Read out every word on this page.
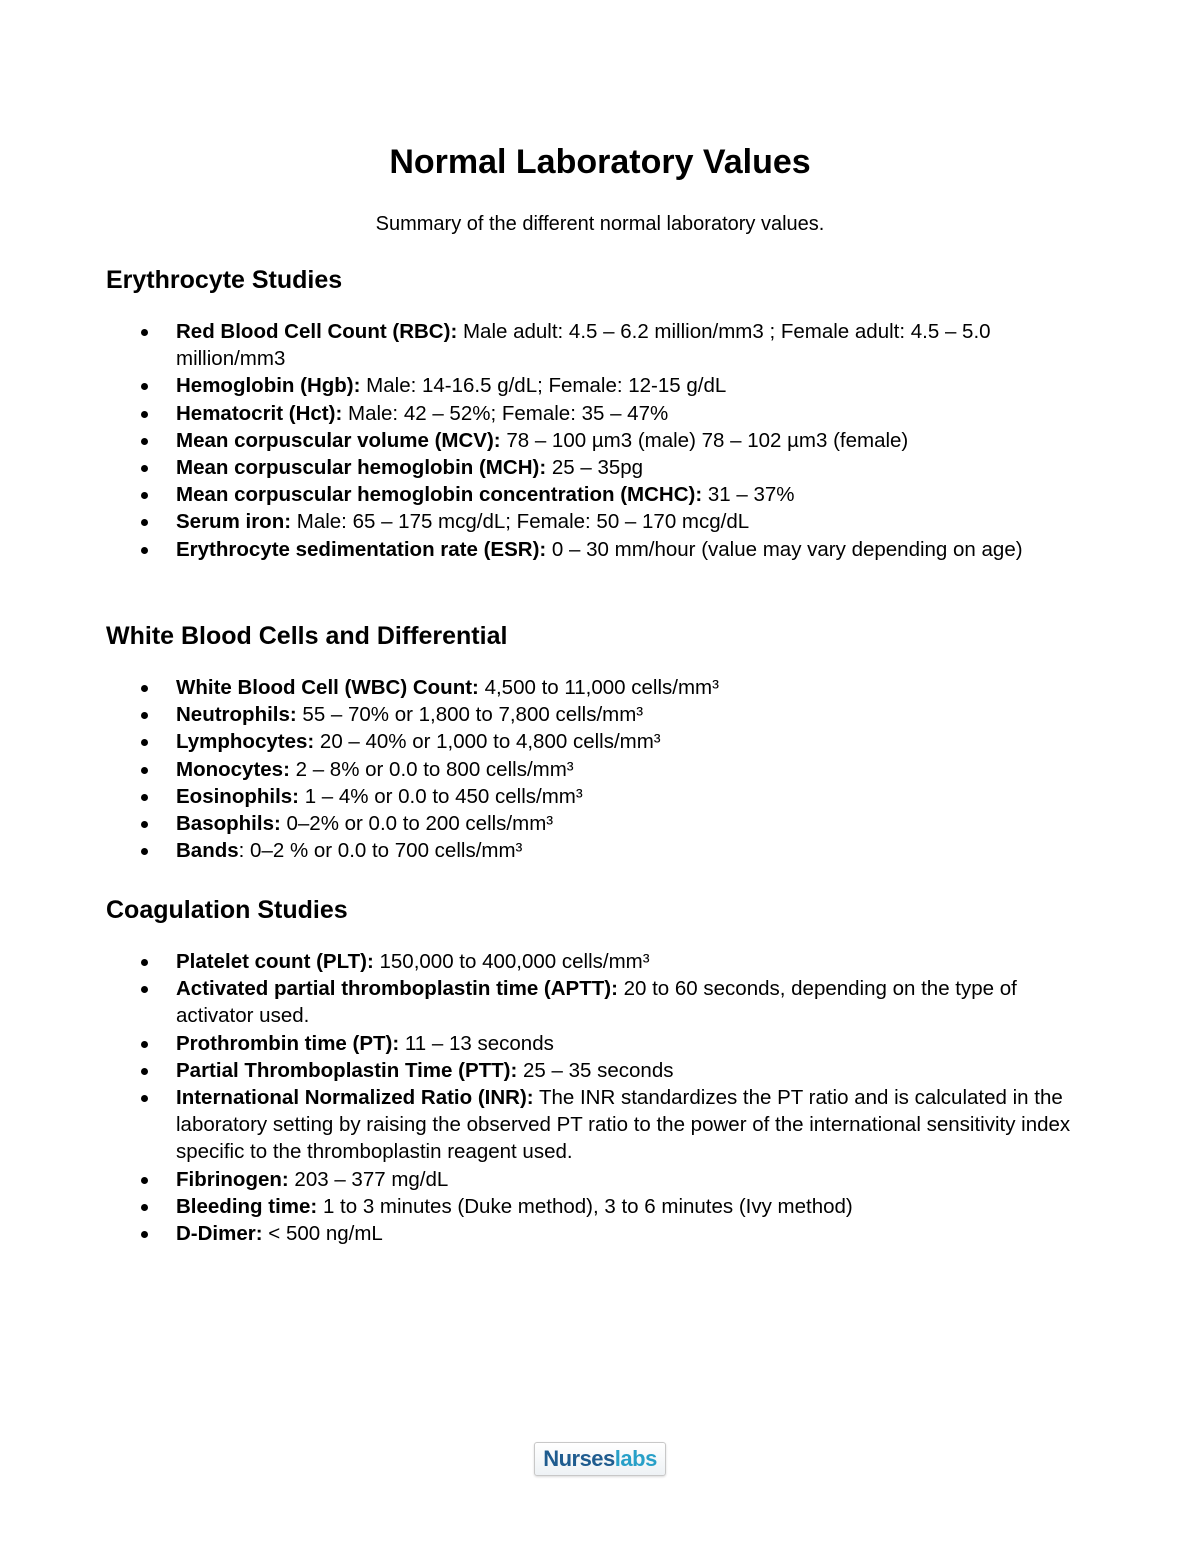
Normal Laboratory Values

Summary of the different normal laboratory values.

Erythrocyte Studies
Red Blood Cell Count (RBC): Male adult: 4.5 – 6.2 million/mm3 ; Female adult: 4.5 – 5.0 million/mm3
Hemoglobin (Hgb): Male: 14-16.5 g/dL; Female: 12-15 g/dL
Hematocrit (Hct): Male: 42 – 52%; Female: 35 – 47%
Mean corpuscular volume (MCV): 78 – 100 µm3 (male) 78 – 102 µm3 (female)
Mean corpuscular hemoglobin (MCH): 25 – 35pg
Mean corpuscular hemoglobin concentration (MCHC): 31 – 37%
Serum iron: Male: 65 – 175 mcg/dL; Female: 50 – 170 mcg/dL
Erythrocyte sedimentation rate (ESR): 0 – 30 mm/hour (value may vary depending on age)
White Blood Cells and Differential
White Blood Cell (WBC) Count: 4,500 to 11,000 cells/mm³
Neutrophils: 55 – 70% or 1,800 to 7,800 cells/mm³
Lymphocytes: 20 – 40% or 1,000 to 4,800 cells/mm³
Monocytes: 2 – 8% or 0.0 to 800 cells/mm³
Eosinophils: 1 – 4% or 0.0 to 450 cells/mm³
Basophils: 0–2% or 0.0 to 200 cells/mm³
Bands: 0–2 % or 0.0 to 700 cells/mm³
Coagulation Studies
Platelet count (PLT): 150,000 to 400,000 cells/mm³
Activated partial thromboplastin time (APTT): 20 to 60 seconds, depending on the type of activator used.
Prothrombin time (PT): 11 – 13 seconds
Partial Thromboplastin Time (PTT): 25 – 35 seconds
International Normalized Ratio (INR): The INR standardizes the PT ratio and is calculated in the laboratory setting by raising the observed PT ratio to the power of the international sensitivity index specific to the thromboplastin reagent used.
Fibrinogen: 203 – 377 mg/dL
Bleeding time: 1 to 3 minutes (Duke method), 3 to 6 minutes (Ivy method)
D-Dimer: < 500 ng/mL
Nurseslabs
